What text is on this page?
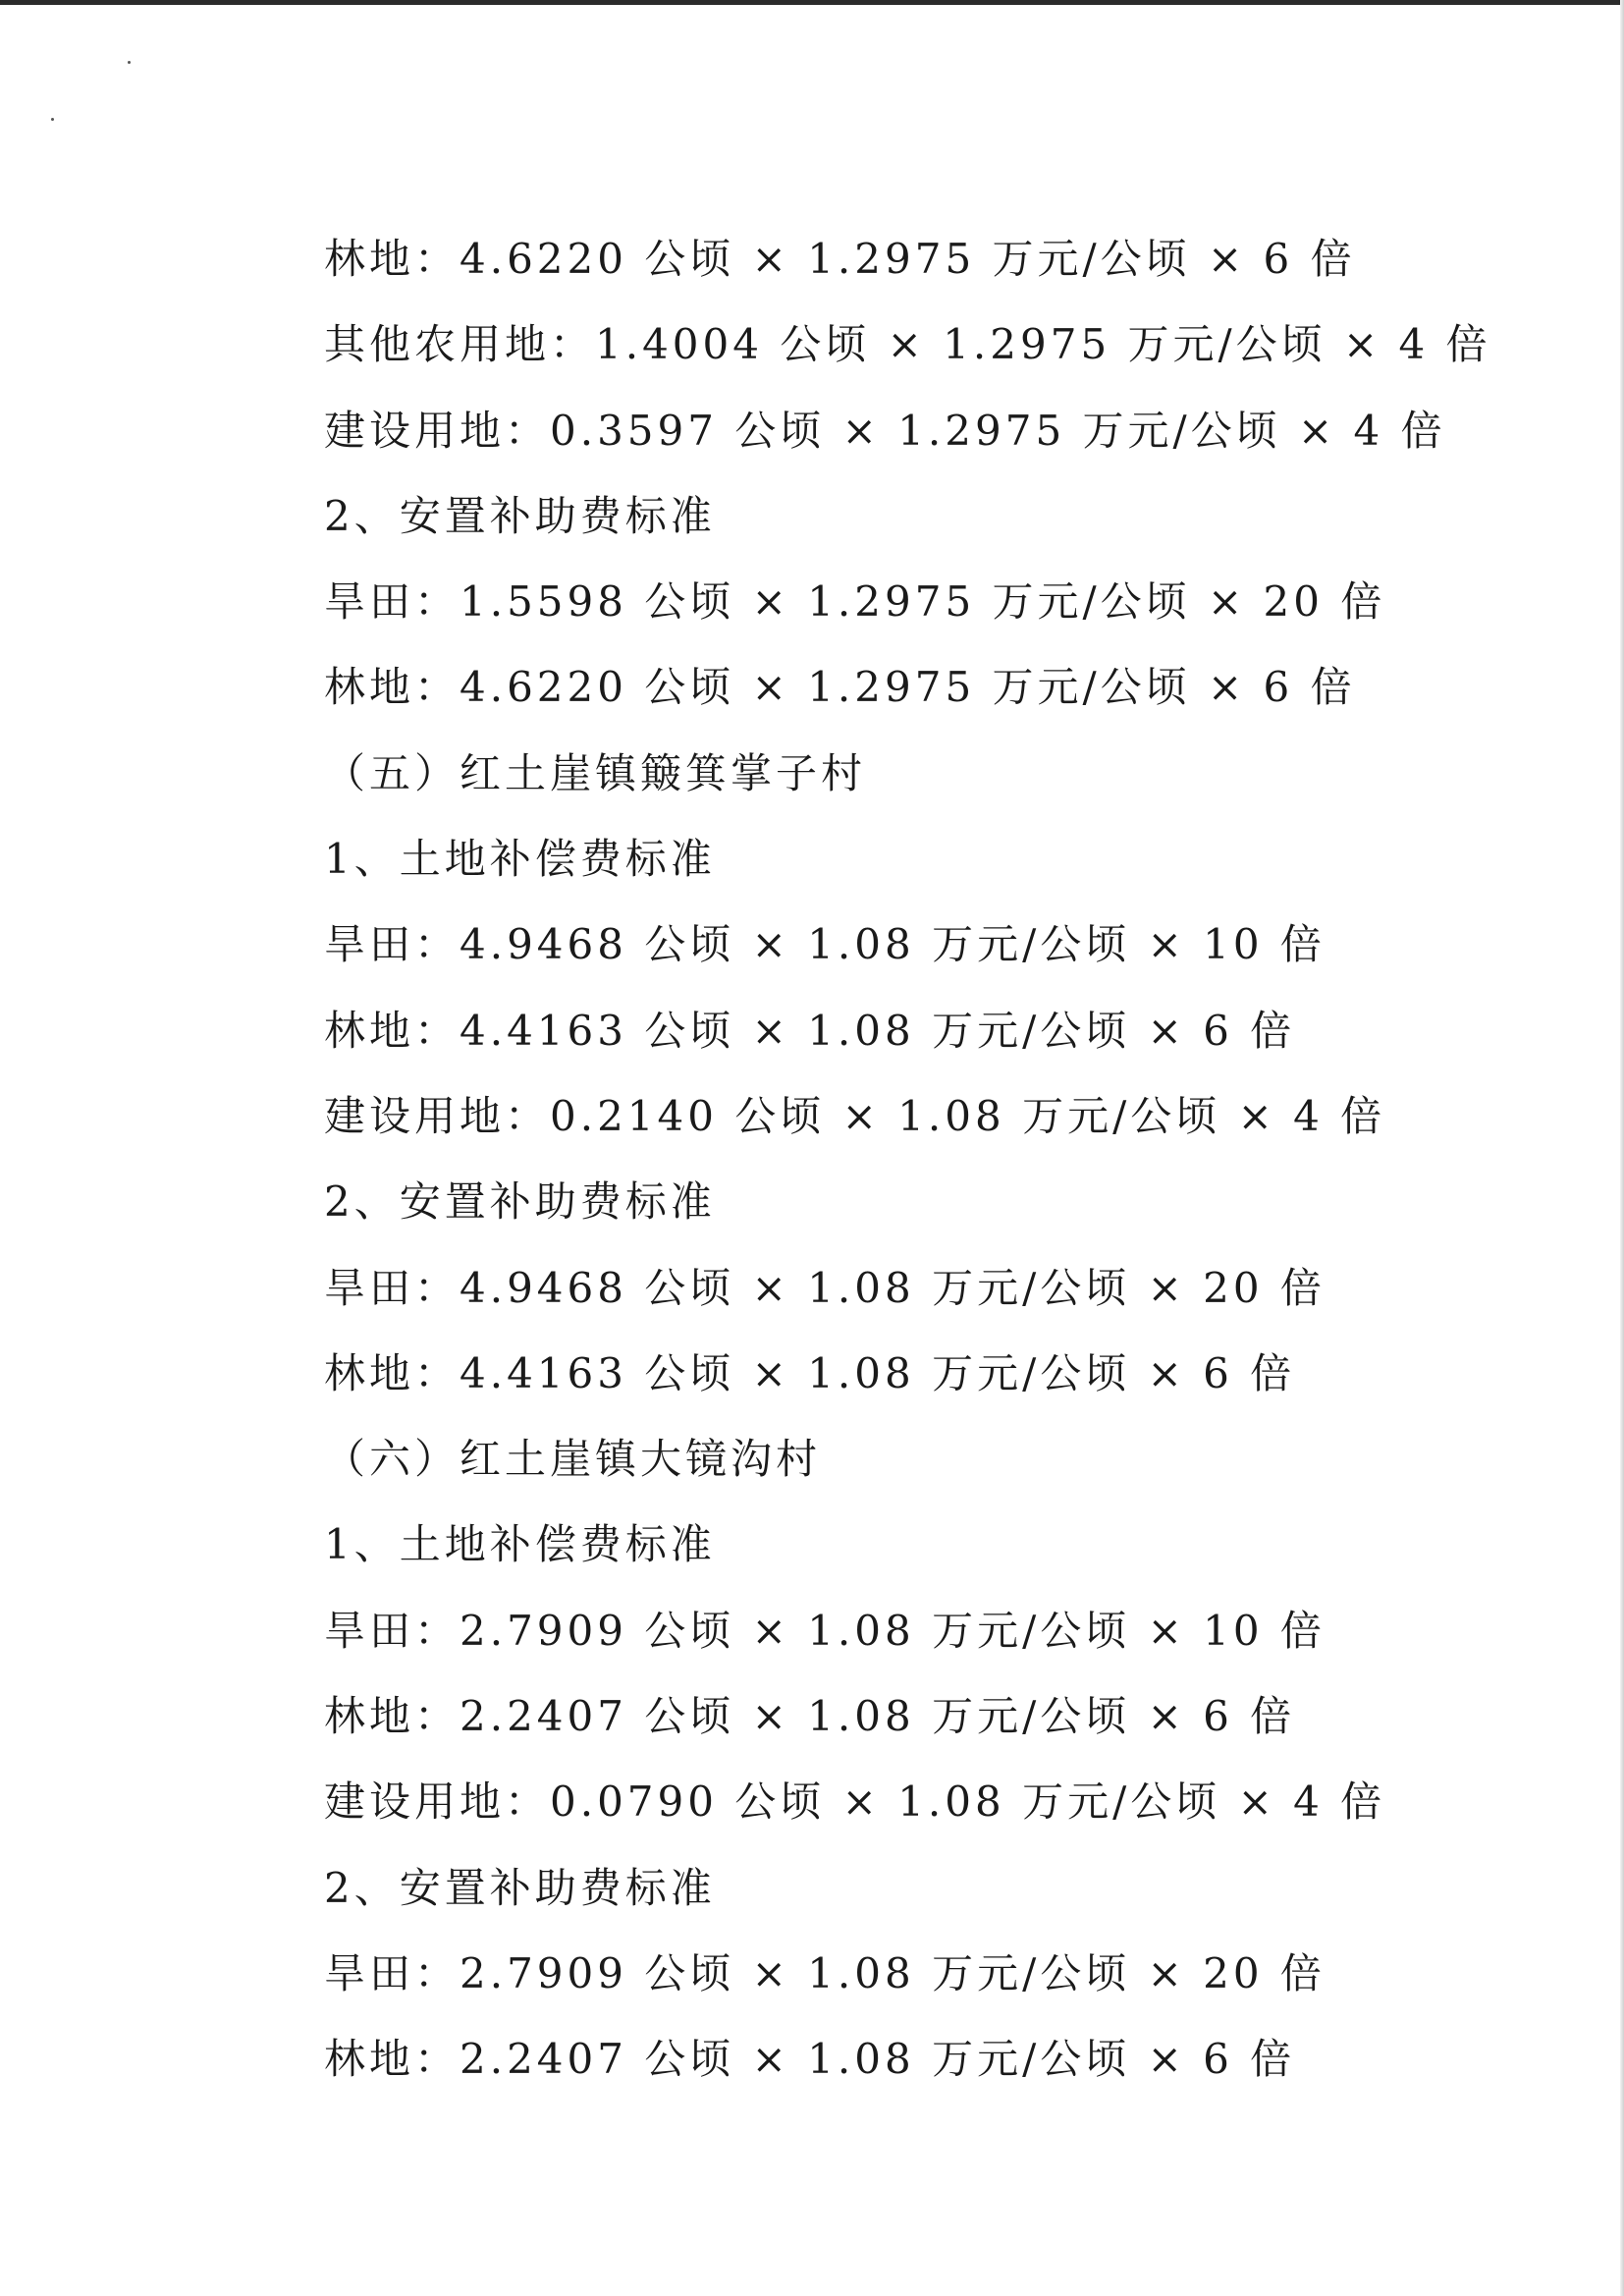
林地：4.6220 公顷 × 1.2975 万元/公顷 × 6 倍
其他农用地：1.4004 公顷 × 1.2975 万元/公顷 × 4 倍
建设用地：0.3597 公顷 × 1.2975 万元/公顷 × 4 倍
2、安置补助费标准
旱田：1.5598 公顷 × 1.2975 万元/公顷 × 20 倍
林地：4.6220 公顷 × 1.2975 万元/公顷 × 6 倍
（五）红土崖镇簸箕掌子村
1、土地补偿费标准
旱田：4.9468 公顷 × 1.08 万元/公顷 × 10 倍
林地：4.4163 公顷 × 1.08 万元/公顷 × 6 倍
建设用地：0.2140 公顷 × 1.08 万元/公顷 × 4 倍
2、安置补助费标准
旱田：4.9468 公顷 × 1.08 万元/公顷 × 20 倍
林地：4.4163 公顷 × 1.08 万元/公顷 × 6 倍
（六）红土崖镇大镜沟村
1、土地补偿费标准
旱田：2.7909 公顷 × 1.08 万元/公顷 × 10 倍
林地：2.2407 公顷 × 1.08 万元/公顷 × 6 倍
建设用地：0.0790 公顷 × 1.08 万元/公顷 × 4 倍
2、安置补助费标准
旱田：2.7909 公顷 × 1.08 万元/公顷 × 20 倍
林地：2.2407 公顷 × 1.08 万元/公顷 × 6 倍
